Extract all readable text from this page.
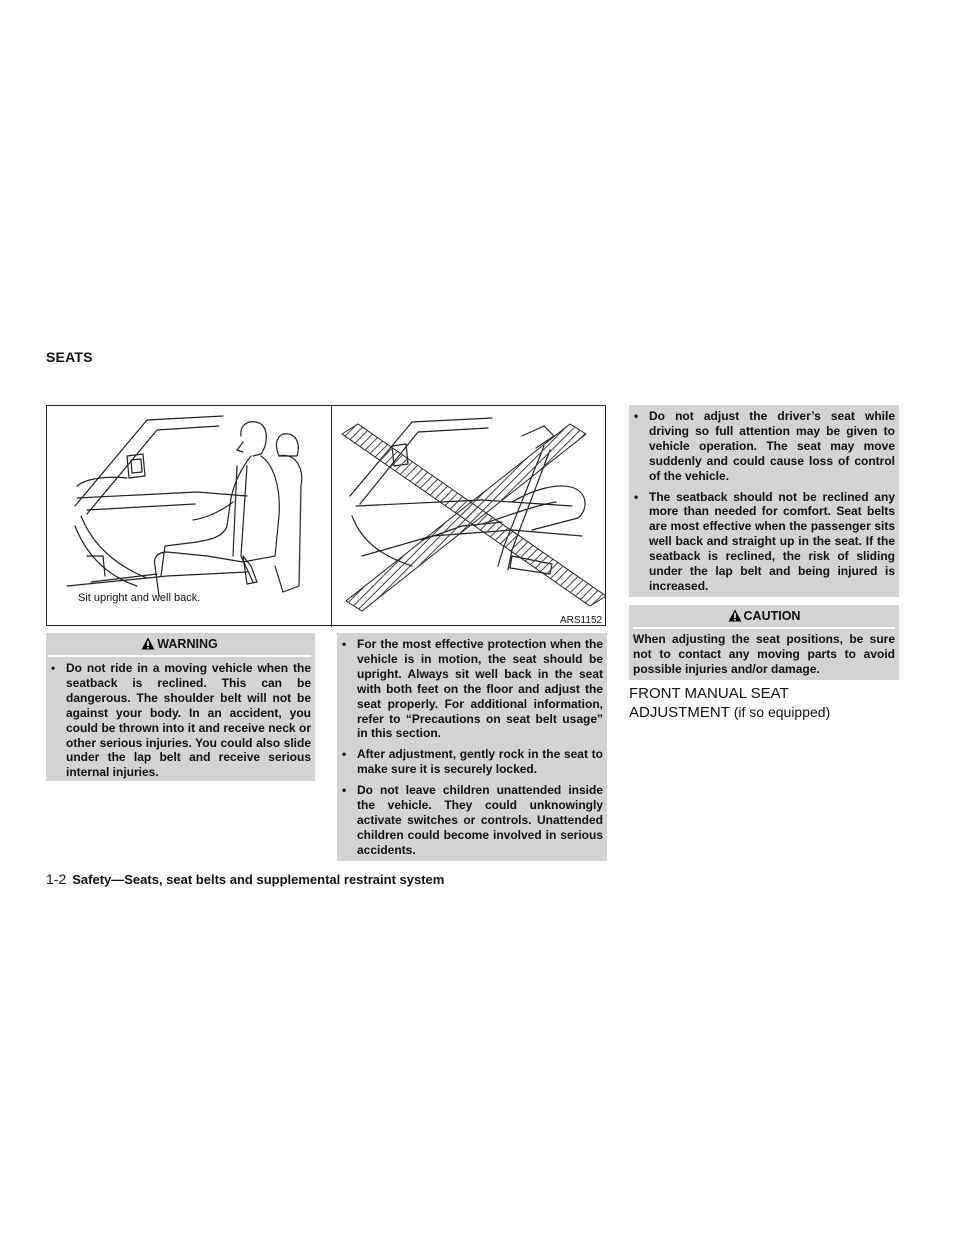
SEATS
Sit upright and well back.
ARS1152
WARNING
• Do not ride in a moving vehicle when the seatback is reclined. This can be dangerous. The shoulder belt will not be against your body. In an accident, you could be thrown into it and receive neck or other serious injuries. You could also slide under the lap belt and receive serious internal injuries.
• For the most effective protection when the vehicle is in motion, the seat should be upright. Always sit well back in the seat with both feet on the floor and adjust the seat properly. For additional information, refer to “Precautions on seat belt usage” in this section.
• After adjustment, gently rock in the seat to make sure it is securely locked.
• Do not leave children unattended inside the vehicle. They could unknowingly activate switches or controls. Unattended children could become involved in serious accidents.
• Do not adjust the driver’s seat while driving so full attention may be given to vehicle operation. The seat may move suddenly and could cause loss of control of the vehicle.
• The seatback should not be reclined any more than needed for comfort. Seat belts are most effective when the passenger sits well back and straight up in the seat. If the seatback is reclined, the risk of sliding under the lap belt and being injured is increased.
CAUTION
When adjusting the seat positions, be sure not to contact any moving parts to avoid possible injuries and/or damage.
FRONT MANUAL SEAT
ADJUSTMENT (if so equipped)
1-2 Safety—Seats, seat belts and supplemental restraint system
